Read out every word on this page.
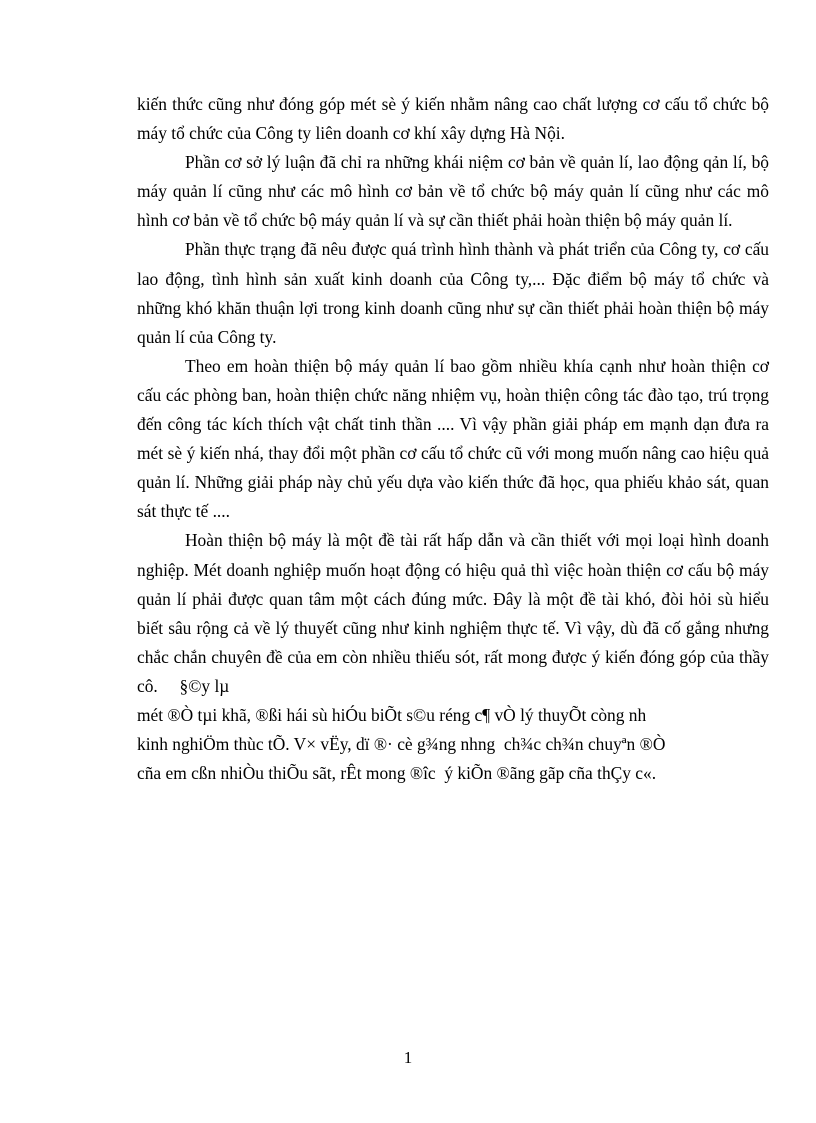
kiến thức cũng như đóng góp mét sè ý kiến nhằm nâng cao chất lượng cơ cấu tổ chức bộ máy tổ chức của Công ty liên doanh cơ khí xây dựng Hà Nội.

Phần cơ sở lý luận đã chỉ ra những khái niệm cơ bản về quản lí, lao động qản lí, bộ máy quản lí cũng như các mô hình cơ bản về tổ chức bộ máy quản lí cũng như các mô hình cơ bản về tổ chức bộ máy quản lí và sự cần thiết phải hoàn thiện bộ máy quản lí.

Phần thực trạng đã nêu được quá trình hình thành và phát triển của Công ty, cơ cấu lao động, tình hình sản xuất kinh doanh của Công ty,... Đặc điểm bộ máy tổ chức và những khó khăn thuận lợi trong kinh doanh cũng như sự cần thiết phải hoàn thiện bộ máy quản lí của Công ty.

Theo em hoàn thiện bộ máy quản lí bao gồm nhiều khía cạnh như hoàn thiện cơ cấu các phòng ban, hoàn thiện chức năng nhiệm vụ, hoàn thiện công tác đào tạo, trú trọng đến công tác kích thích vật chất tinh thần .... Vì vậy phần giải pháp em mạnh dạn đưa ra mét sè ý kiến nhá, thay đổi một phần cơ cấu tổ chức cũ với mong muốn nâng cao hiệu quả quản lí. Những giải pháp này chủ yếu dựa vào kiến thức đã học, qua phiếu khảo sát, quan sát thực tế ....

Hoàn thiện bộ máy là một đề tài rất hấp dẫn và cần thiết với mọi loại hình doanh nghiệp. Mét doanh nghiệp muốn hoạt động có hiệu quả thì việc hoàn thiện cơ cấu bộ máy quản lí phải được quan tâm một cách đúng mức. Đây là một đề tài khó, đòi hỏi sù hiểu biết sâu rộng cả về lý thuyết cũng như kinh nghiệm thực tế. Vì vậy, dù đã cố gắng nhưng chắc chắn chuyên đề của em còn nhiều thiếu sót, rất mong được ý kiến đóng góp của thầy cô. §©y lµ

mét ®Ò tµi khã, ®ßi hái sù hiÓu biÕt s©u réng c¶ vÒ lý thuyÕt còng nh
kinh nghiÖm thùc tÕ. V× vËy, dï ®· cè g¾ng nhng  ch¾c ch¾n chuyªn ®Ò
cña em cßn nhiÒu thiÕu sãt, rÊt mong ®îc  ý kiÕn ®ãng gãp cña thÇy c«.
1
